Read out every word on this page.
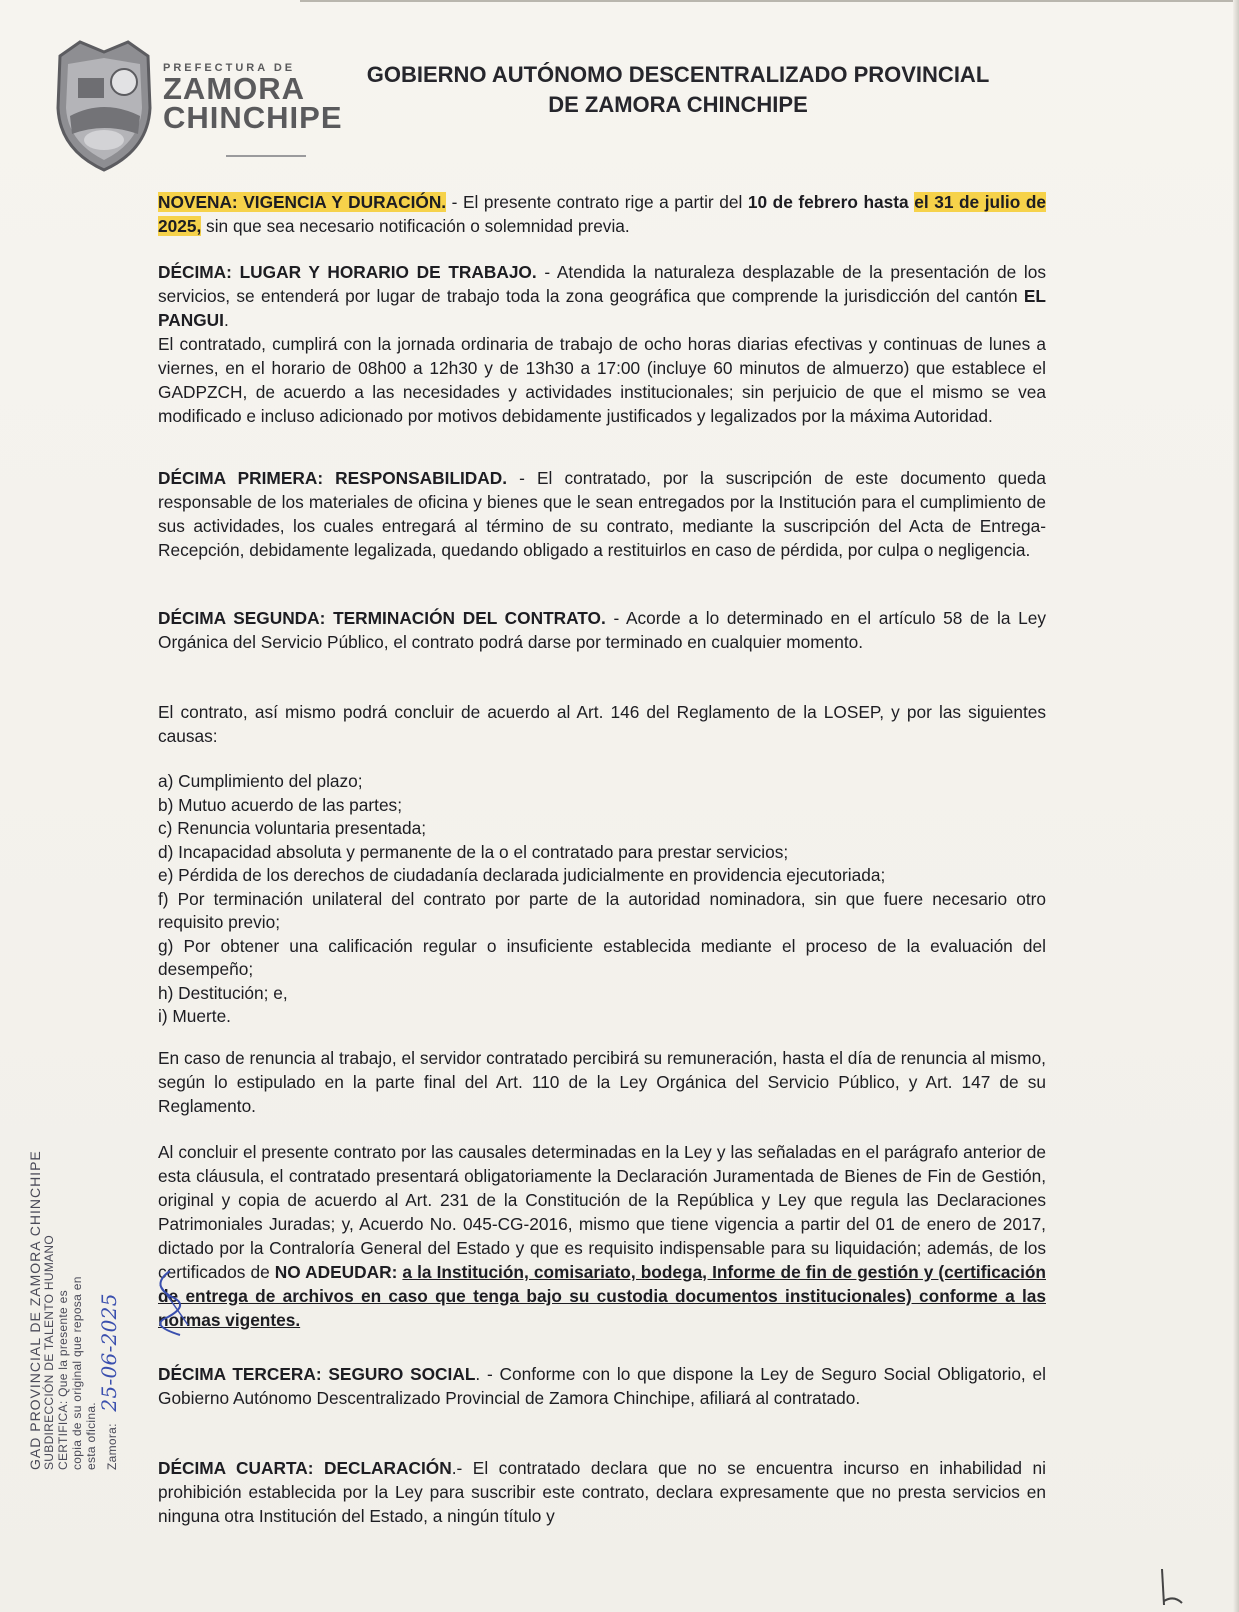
PREFECTURA DE
ZAMORA
CHINCHIPE
GOBIERNO AUTÓNOMO DESCENTRALIZADO PROVINCIAL
DE ZAMORA CHINCHIPE

NOVENA: VIGENCIA Y DURACIÓN. - El presente contrato rige a partir del 10 de febrero hasta el 31 de julio de 2025, sin que sea necesario notificación o solemnidad previa.

DÉCIMA: LUGAR Y HORARIO DE TRABAJO. - Atendida la naturaleza desplazable de la presentación de los servicios, se entenderá por lugar de trabajo toda la zona geográfica que comprende la jurisdicción del cantón EL PANGUI.

El contratado, cumplirá con la jornada ordinaria de trabajo de ocho horas diarias efectivas y continuas de lunes a viernes, en el horario de 08h00 a 12h30 y de 13h30 a 17:00 (incluye 60 minutos de almuerzo) que establece el GADPZCH, de acuerdo a las necesidades y actividades institucionales; sin perjuicio de que el mismo se vea modificado e incluso adicionado por motivos debidamente justificados y legalizados por la máxima Autoridad.

DÉCIMA PRIMERA: RESPONSABILIDAD. - El contratado, por la suscripción de este documento queda responsable de los materiales de oficina y bienes que le sean entregados por la Institución para el cumplimiento de sus actividades, los cuales entregará al término de su contrato, mediante la suscripción del Acta de Entrega-Recepción, debidamente legalizada, quedando obligado a restituirlos en caso de pérdida, por culpa o negligencia.

DÉCIMA SEGUNDA: TERMINACIÓN DEL CONTRATO. - Acorde a lo determinado en el artículo 58 de la Ley Orgánica del Servicio Público, el contrato podrá darse por terminado en cualquier momento.

El contrato, así mismo podrá concluir de acuerdo al Art. 146 del Reglamento de la LOSEP, y por las siguientes causas:

a) Cumplimiento del plazo;
b) Mutuo acuerdo de las partes;
c) Renuncia voluntaria presentada;
d) Incapacidad absoluta y permanente de la o el contratado para prestar servicios;
e) Pérdida de los derechos de ciudadanía declarada judicialmente en providencia ejecutoriada;
f) Por terminación unilateral del contrato por parte de la autoridad nominadora, sin que fuere necesario otro requisito previo;
g) Por obtener una calificación regular o insuficiente establecida mediante el proceso de la evaluación del desempeño;
h) Destitución; e,
i) Muerte.

En caso de renuncia al trabajo, el servidor contratado percibirá su remuneración, hasta el día de renuncia al mismo, según lo estipulado en la parte final del Art. 110 de la Ley Orgánica del Servicio Público, y Art. 147 de su Reglamento.

Al concluir el presente contrato por las causales determinadas en la Ley y las señaladas en el parágrafo anterior de esta cláusula, el contratado presentará obligatoriamente la Declaración Juramentada de Bienes de Fin de Gestión, original y copia de acuerdo al Art. 231 de la Constitución de la República y Ley que regula las Declaraciones Patrimoniales Juradas; y, Acuerdo No. 045-CG-2016, mismo que tiene vigencia a partir del 01 de enero de 2017, dictado por la Contraloría General del Estado y que es requisito indispensable para su liquidación; además, de los certificados de NO ADEUDAR: a la Institución, comisariato, bodega, Informe de fin de gestión y (certificación de entrega de archivos en caso que tenga bajo su custodia documentos institucionales) conforme a las normas vigentes.

DÉCIMA TERCERA: SEGURO SOCIAL. - Conforme con lo que dispone la Ley de Seguro Social Obligatorio, el Gobierno Autónomo Descentralizado Provincial de Zamora Chinchipe, afiliará al contratado.

DÉCIMA CUARTA: DECLARACIÓN.- El contratado declara que no se encuentra incurso en inhabilidad ni prohibición establecida por la Ley para suscribir este contrato, declara expresamente que no presta servicios en ninguna otra Institución del Estado, a ningún título y

GAD PROVINCIAL DE ZAMORA CHINCHIPE SUBDIRECCIÓN DE TALENTO HUMANO CERTIFICA: Que la presente es copia de su original que reposa en esta oficina. Zamora: 25-06-2025
